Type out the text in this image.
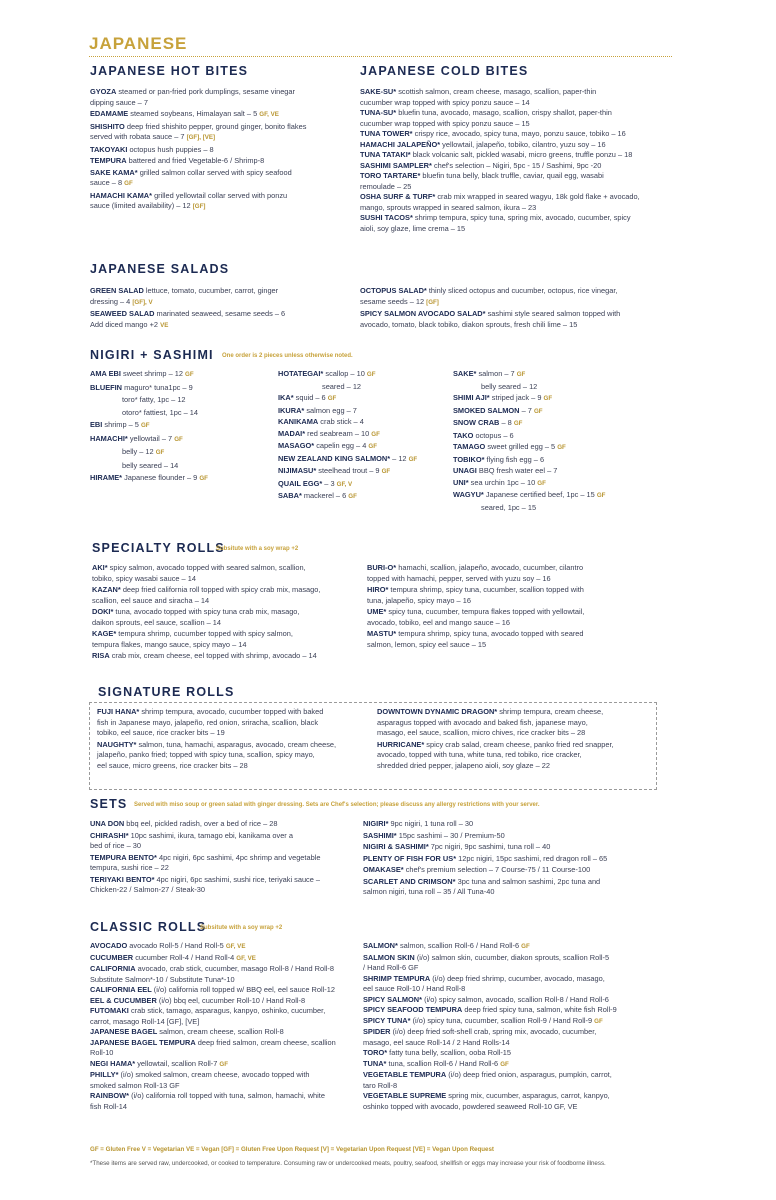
JAPANESE
JAPANESE HOT BITES
GYOZA steamed or pan-fried pork dumplings, sesame vinegar
dipping sauce – 7
EDAMAME steamed soybeans, Himalayan salt – 5 GF, VE
SHISHITO deep fried shishito pepper, ground ginger, bonito flakes
served with robata sauce – 7 [GF], [VE]
TAKOYAKI octopus hush puppies – 8
TEMPURA battered and fried Vegetable-6 / Shrimp-8
SAKE KAMA* grilled salmon collar served with spicy seafood
sauce – 8 GF
HAMACHI KAMA* grilled yellowtail collar served with ponzu
sauce (limited availability) – 12 [GF]
JAPANESE COLD BITES
SAKE-SU* scottish salmon, cream cheese, masago, scallion, paper-thin
cucumber wrap topped with spicy ponzu sauce – 14
TUNA-SU* bluefin tuna, avocado, masago, scallion, crispy shallot, paper-thin
cucumber wrap topped with spicy ponzu sauce – 15
TUNA TOWER* crispy rice, avocado, spicy tuna, mayo, ponzu sauce, tobiko – 16
HAMACHI JALAPEÑO* yellowtail, jalapeño, tobiko, cilantro, yuzu soy – 16
TUNA TATAKI* black volcanic salt, pickled wasabi, micro greens, truffle ponzu – 18
SASHIMI SAMPLER* chef's selection – Nigiri, 5pc - 15 / Sashimi, 9pc -20
TORO TARTARE* bluefin tuna belly, black truffle, caviar, quail egg, wasabi
remoulade – 25
OSHA SURF & TURF* crab mix wrapped in seared wagyu, 18k gold flake + avocado,
mango, sprouts wrapped in seared salmon, ikura – 23
SUSHI TACOS* shrimp tempura, spicy tuna, spring mix, avocado, cucumber, spicy
aioli, soy glaze, lime crema – 15
JAPANESE SALADS
GREEN SALAD lettuce, tomato, cucumber, carrot, ginger
dressing – 4 [GF], V
SEAWEED SALAD marinated seaweed, sesame seeds – 6
Add diced mango +2 VE
OCTOPUS SALAD* thinly sliced octopus and cucumber, octopus, rice vinegar,
sesame seeds – 12 [GF]
SPICY SALMON AVOCADO SALAD* sashimi style seared salmon topped with
avocado, tomato, black tobiko, diakon sprouts, fresh chili lime – 15
NIGIRI + SASHIMI One order is 2 pieces unless otherwise noted.
AMA EBI sweet shrimp – 12 GF
BLUEFIN maguro* tuna1pc – 9
toro* fatty, 1pc – 12
otoro* fattiest, 1pc – 14
EBI shrimp – 5 GF
HAMACHI* yellowtail – 7 GF
belly – 12 GF
belly seared – 14
HIRAME* Japanese flounder – 9 GF
HOTATEGAI* scallop – 10 GF
seared – 12
IKA* squid – 6 GF
IKURA* salmon egg – 7
KANIKAMA crab stick – 4
MADAI* red seabream – 10 GF
MASAGO* capelin egg – 4 GF
NEW ZEALAND KING SALMON* – 12 GF
NIJIMASU* steelhead trout – 9 GF
QUAIL EGG* – 3 GF, V
SABA* mackerel – 6 GF
SAKE* salmon – 7 GF
belly seared – 12
SHIMI AJI* striped jack – 9 GF
SMOKED SALMON – 7 GF
SNOW CRAB – 8 GF
TAKO octopus – 6
TAMAGO sweet grilled egg – 5 GF
TOBIKO* flying fish egg – 6
UNAGI BBQ fresh water eel – 7
UNI* sea urchin 1pc – 10 GF
WAGYU* Japanese certified beef, 1pc – 15 GF
seared, 1pc – 15
SPECIALTY ROLLS
Subsitute with a soy wrap +2
AKI* spicy salmon, avocado topped with seared salmon, scallion,
tobiko, spicy wasabi sauce – 14
KAZAN* deep fried california roll topped with spicy crab mix, masago,
scallion, eel sauce and siracha – 14
DOKI* tuna, avocado topped with spicy tuna crab mix, masago,
daikon sprouts, eel sauce, scallion – 14
KAGE* tempura shrimp, cucumber topped with spicy salmon,
tempura flakes, mango sauce, spicy mayo – 14
RISA crab mix, cream cheese, eel topped with shrimp, avocado – 14
BURI-O* hamachi, scallion, jalapeño, avocado, cucumber, cilantro
topped with hamachi, pepper, served with yuzu soy – 16
HIRO* tempura shrimp, spicy tuna, cucumber, scallion topped with
tuna, jalapeño, spicy mayo – 16
UME* spicy tuna, cucumber, tempura flakes topped with yellowtail,
avocado, tobiko, eel and mango sauce – 16
MASTU* tempura shrimp, spicy tuna, avocado topped with seared
salmon, lemon, spicy eel sauce – 15
SIGNATURE ROLLS
FUJI HANA* shrimp tempura, avocado, cucumber topped with baked
fish in Japanese mayo, jalapeño, red onion, sriracha, scallion, black
tobiko, eel sauce, rice cracker bits – 19
NAUGHTY* salmon, tuna, hamachi, asparagus, avocado, cream cheese,
jalapeño, panko fried; topped with spicy tuna, scallion, spicy mayo,
eel sauce, micro greens, rice cracker bits – 28
DOWNTOWN DYNAMIC DRAGON* shrimp tempura, cream cheese,
asparagus topped with avocado and baked fish, japanese mayo,
masago, eel sauce, scallion, micro chives, rice cracker bits – 28
HURRICANE* spicy crab salad, cream cheese, panko fried red snapper,
avocado, topped with tuna, white tuna, red tobiko, rice cracker,
shredded dried pepper, jalapeno aioli, soy glaze – 22
SETS Served with miso soup or green salad with ginger dressing. Sets are Chef's selection; please discuss any allergy restrictions with your server.
UNA DON bbq eel, pickled radish, over a bed of rice – 28
CHIRASHI* 10pc sashimi, ikura, tamago ebi, kanikama over a
bed of rice – 30
TEMPURA BENTO* 4pc nigiri, 6pc sashimi, 4pc shrimp and vegetable
tempura, sushi rice – 22
TERIYAKI BENTO* 4pc nigiri, 6pc sashimi, sushi rice, teriyaki sauce –
Chicken-22 / Salmon-27 / Steak-30
NIGIRI* 9pc nigiri, 1 tuna roll – 30
SASHIMI* 15pc sashimi – 30 / Premium-50
NIGIRI & SASHIMI* 7pc nigiri, 9pc sashimi, tuna roll – 40
PLENTY OF FISH FOR US* 12pc nigiri, 15pc sashimi, red dragon roll – 65
OMAKASE* chef's premium selection – 7 Course-75 / 11 Course-100
SCARLET AND CRIMSON* 3pc tuna and salmon sashimi, 2pc tuna and
salmon nigiri, tuna roll – 35 / All Tuna-40
CLASSIC ROLLS
Subsitute with a soy wrap +2
AVOCADO avocado Roll-5 / Hand Roll-5 GF, VE
CUCUMBER cucumber Roll-4 / Hand Roll-4 GF, VE
CALIFORNIA avocado, crab stick, cucumber, masago Roll-8 / Hand Roll-8
Substitute Salmon*-10 / Substitute Tuna*-10
CALIFORNIA EEL (i/o) california roll topped w/ BBQ eel, eel sauce Roll-12
EEL & CUCUMBER (i/o) bbq eel, cucumber Roll-10 / Hand Roll-8
FUTOMAKI crab stick, tamago, asparagus, kanpyo, oshinko, cucumber,
carrot, masago Roll-14 [GF], [VE]
JAPANESE BAGEL salmon, cream cheese, scallion Roll-8
JAPANESE BAGEL TEMPURA deep fried salmon, cream cheese, scallion
Roll-10
NEGI HAMA* yellowtail, scallion Roll-7 GF
PHILLY* (i/o) smoked salmon, cream cheese, avocado topped with
smoked salmon Roll-13 GF
RAINBOW* (i/o) california roll topped with tuna, salmon, hamachi, white
fish Roll-14
SALMON* salmon, scallion Roll-6 / Hand Roll-6 GF
SALMON SKIN (i/o) salmon skin, cucumber, diakon sprouts, scallion Roll-5
/ Hand Roll-6 GF
SHRIMP TEMPURA (i/o) deep fried shrimp, cucumber, avocado, masago,
eel sauce Roll-10 / Hand Roll-8
SPICY SALMON* (i/o) spicy salmon, avocado, scallion Roll-8 / Hand Roll-6
SPICY SEAFOOD TEMPURA deep fried spicy tuna, salmon, white fish Roll-9
SPICY TUNA* (i/o) spicy tuna, cucumber, scallion Roll-9 / Hand Roll-9 GF
SPIDER (i/o) deep fried soft-shell crab, spring mix, avocado, cucumber,
masago, eel sauce Roll-14 / 2 Hand Rolls-14
TORO* fatty tuna belly, scallion, ooba Roll-15
TUNA* tuna, scallion Roll-6 / Hand Roll-6 GF
VEGETABLE TEMPURA (i/o) deep fried onion, asparagus, pumpkin, carrot,
taro Roll-8
VEGETABLE SUPREME spring mix, cucumber, asparagus, carrot, kanpyo,
oshinko topped with avocado, powdered seaweed Roll-10 GF, VE
GF = Gluten Free V = Vegetarian VE = Vegan [GF] = Gluten Free Upon Request [V] = Vegetarian Upon Request [VE] = Vegan Upon Request
*These items are served raw, undercooked, or cooked to temperature. Consuming raw or undercooked meats, poultry, seafood, shellfish or eggs may increase your risk of foodborne illness.
